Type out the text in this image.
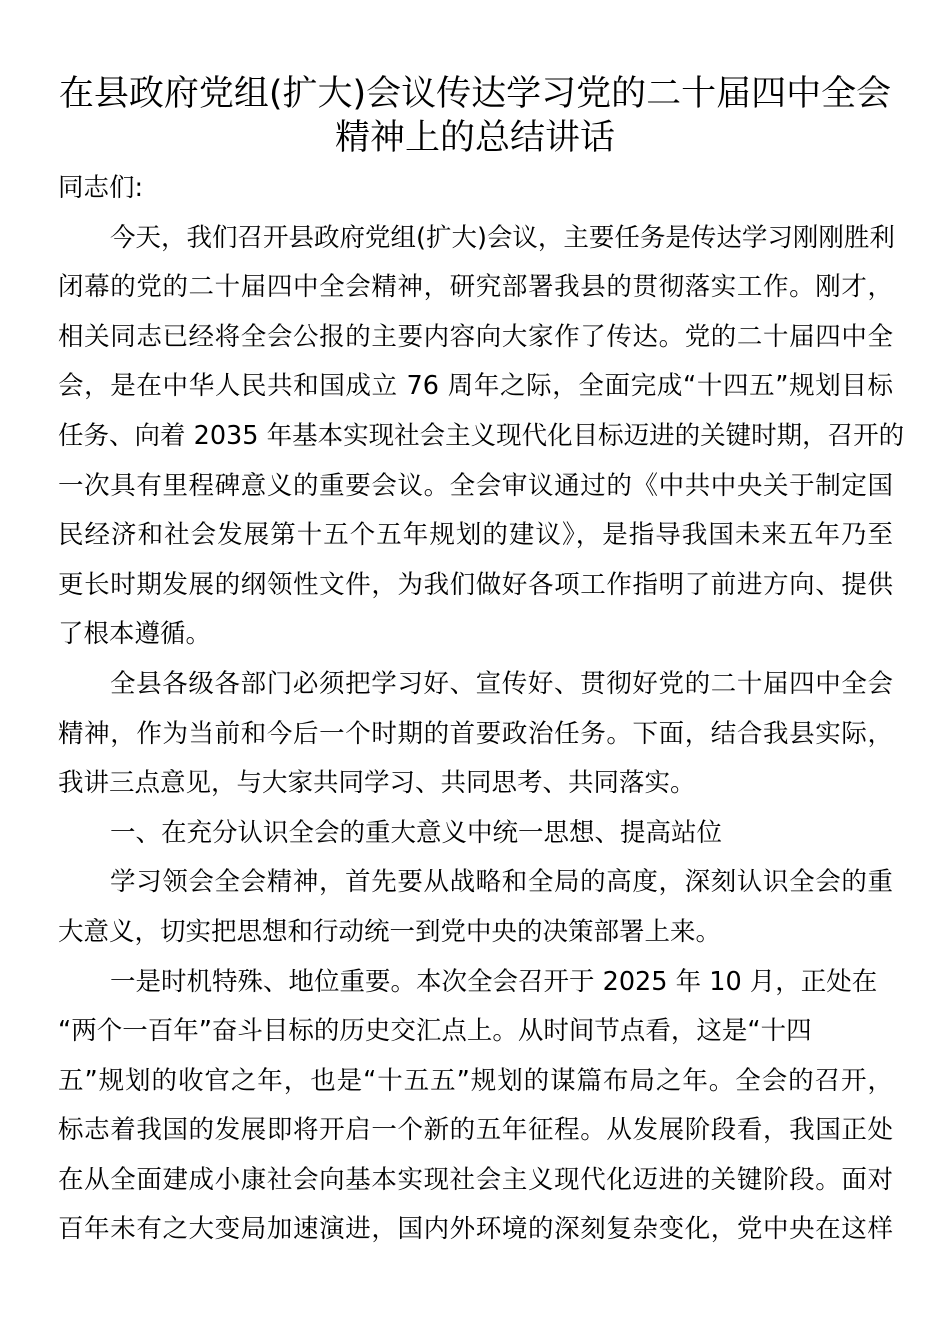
在县政府党组(扩大)会议传达学习党的二十届四中全会
精神上的总结讲话
同志们:
今天，我们召开县政府党组(扩大)会议，主要任务是传达学习刚刚胜利
闭幕的党的二十届四中全会精神，研究部署我县的贯彻落实工作。刚才，
相关同志已经将全会公报的主要内容向大家作了传达。党的二十届四中全
会，是在中华人民共和国成立 76 周年之际，全面完成“十四五”规划目标
任务、向着 2035 年基本实现社会主义现代化目标迈进的关键时期，召开的
一次具有里程碑意义的重要会议。全会审议通过的《中共中央关于制定国
民经济和社会发展第十五个五年规划的建议》，是指导我国未来五年乃至
更长时期发展的纲领性文件，为我们做好各项工作指明了前进方向、提供
了根本遵循。
全县各级各部门必须把学习好、宣传好、贯彻好党的二十届四中全会
精神，作为当前和今后一个时期的首要政治任务。下面，结合我县实际，
我讲三点意见，与大家共同学习、共同思考、共同落实。
一、在充分认识全会的重大意义中统一思想、提高站位
学习领会全会精神，首先要从战略和全局的高度，深刻认识全会的重
大意义，切实把思想和行动统一到党中央的决策部署上来。
一是时机特殊、地位重要。本次全会召开于 2025 年 10 月，正处在
“两个一百年”奋斗目标的历史交汇点上。从时间节点看，这是“十四
五”规划的收官之年，也是“十五五”规划的谋篇布局之年。全会的召开，
标志着我国的发展即将开启一个新的五年征程。从发展阶段看，我国正处
在从全面建成小康社会向基本实现社会主义现代化迈进的关键阶段。面对
百年未有之大变局加速演进，国内外环境的深刻复杂变化，党中央在这样
